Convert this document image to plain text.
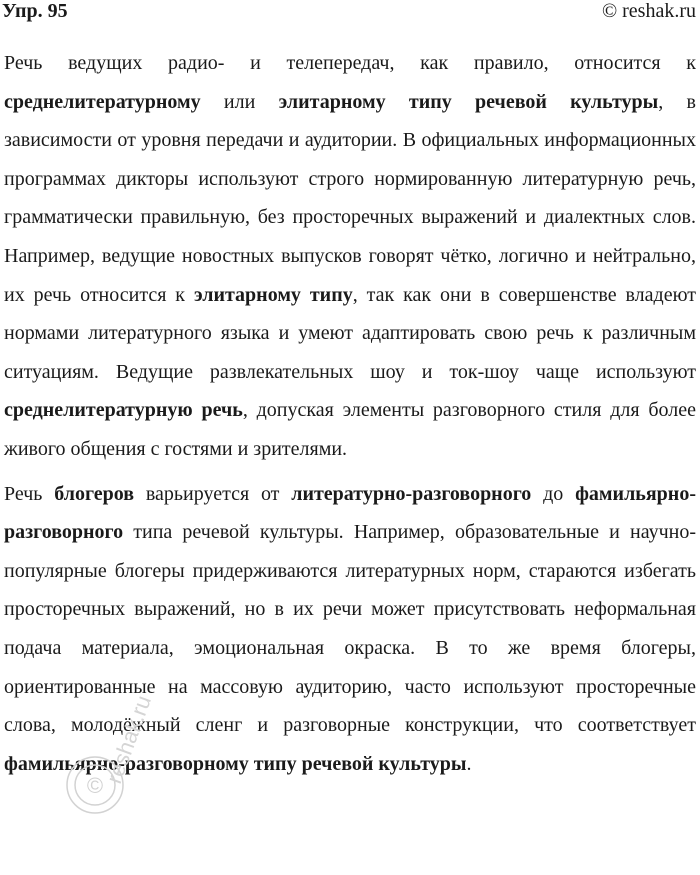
Упр. 95	© reshak.ru

Речь ведущих радио- и телепередач, как правило, относится к среднелитературному или элитарному типу речевой культуры, в зависимости от уровня передачи и аудитории. В официальных информационных программах дикторы используют строго нормированную литературную речь, грамматически правильную, без просторечных выражений и диалектных слов. Например, ведущие новостных выпусков говорят чётко, логично и нейтрально, их речь относится к элитарному типу, так как они в совершенстве владеют нормами литературного языка и умеют адаптировать свою речь к различным ситуациям. Ведущие развлекательных шоу и ток-шоу чаще используют среднелитературную речь, допуская элементы разговорного стиля для более живого общения с гостями и зрителями.

Речь блогеров варьируется от литературно-разговорного до фамильярно-разговорного типа речевой культуры. Например, образовательные и научно-популярные блогеры придерживаются литературных норм, стараются избегать просторечных выражений, но в их речи может присутствовать неформальная подача материала, эмоциональная окраска. В то же время блогеры, ориентированные на массовую аудиторию, часто используют просторечные слова, молодёжный сленг и разговорные конструкции, что соответствует фамильярно-разговорному типу речевой культуры.

©
reshak.ru
